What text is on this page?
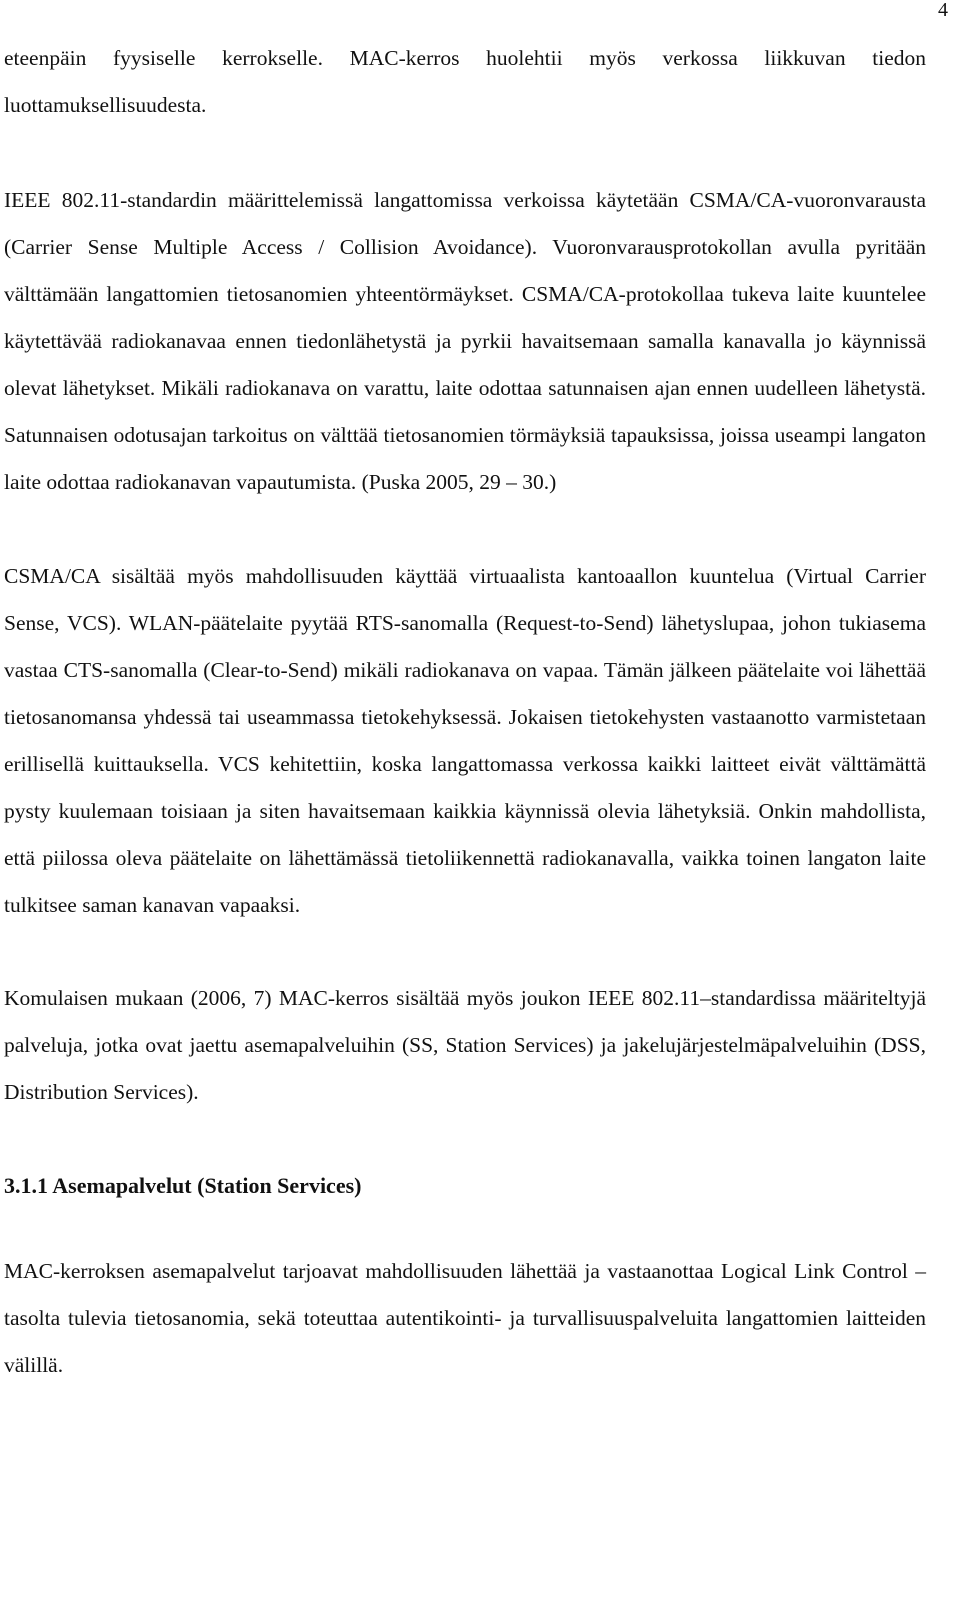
4

eteenpäin fyysiselle kerrokselle. MAC-kerros huolehtii myös verkossa liikkuvan tiedon luottamuksellisuudesta.

IEEE 802.11-standardin määrittelemissä langattomissa verkoissa käytetään CSMA/CA-vuoronvarausta (Carrier Sense Multiple Access / Collision Avoidance). Vuoronvarausprotokollan avulla pyritään välttämään langattomien tietosanomien yhteentörmäykset. CSMA/CA-protokollaa tukeva laite kuuntelee käytettävää radiokanavaa ennen tiedonlähetystä ja pyrkii havaitsemaan samalla kanavalla jo käynnissä olevat lähetykset. Mikäli radiokanava on varattu, laite odottaa satunnaisen ajan ennen uudelleen lähetystä. Satunnaisen odotusajan tarkoitus on välttää tietosanomien törmäyksiä tapauksissa, joissa useampi langaton laite odottaa radiokanavan vapautumista. (Puska 2005, 29 – 30.)

CSMA/CA sisältää myös mahdollisuuden käyttää virtuaalista kantoaallon kuuntelua (Virtual Carrier Sense, VCS). WLAN-päätelaite pyytää RTS-sanomalla (Request-to-Send) lähetyslupaa, johon tukiasema vastaa CTS-sanomalla (Clear-to-Send) mikäli radiokanava on vapaa. Tämän jälkeen päätelaite voi lähettää tietosanomansa yhdessä tai useammassa tietokehyksessä. Jokaisen tietokehysten vastaanotto varmistetaan erillisellä kuittauksella. VCS kehitettiin, koska langattomassa verkossa kaikki laitteet eivät välttämättä pysty kuulemaan toisiaan ja siten havaitsemaan kaikkia käynnissä olevia lähetyksiä. Onkin mahdollista, että piilossa oleva päätelaite on lähettämässä tietoliikennettä radiokanavalla, vaikka toinen langaton laite tulkitsee saman kanavan vapaaksi.

Komulaisen mukaan (2006, 7) MAC-kerros sisältää myös joukon IEEE 802.11–standardissa määriteltyjä palveluja, jotka ovat jaettu asemapalveluihin (SS, Station Services) ja jakelujärjestelmäpalveluihin (DSS, Distribution Services).

3.1.1 Asemapalvelut (Station Services)

MAC-kerroksen asemapalvelut tarjoavat mahdollisuuden lähettää ja vastaanottaa Logical Link Control –tasolta tulevia tietosanomia, sekä toteuttaa autentikointi- ja turvallisuuspalveluita langattomien laitteiden välillä.
